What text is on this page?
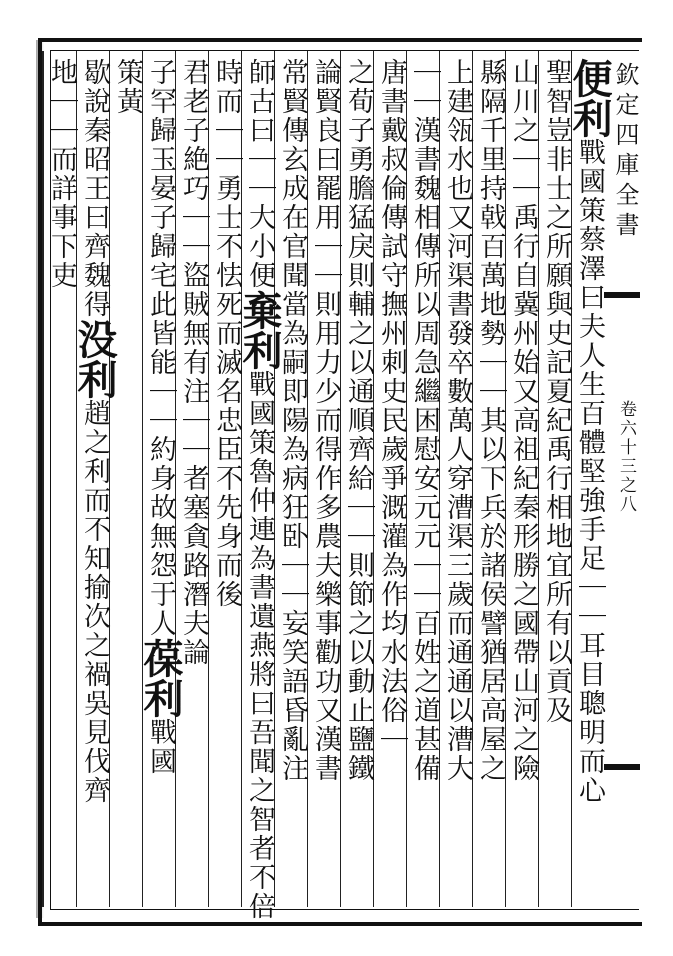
欽定四庫全書
卷六十三之八
便利戰國策蔡澤曰夫人生百體堅強手足｜｜耳目聰明而心
聖智豈非士之所願與史記夏紀禹行相地宜所有以貢及
山川之｜｜禹行自冀州始又高祖紀秦形勝之國帶山河之險
縣隔千里持戟百萬地勢｜｜其以下兵於諸侯譬猶居高屋之
上建瓴水也又河渠書發卒數萬人穿漕渠三歲而通通以漕大
｜｜漢書魏相傳所以周急繼困慰安元元｜｜百姓之道甚備
唐書戴叔倫傳試守撫州刺史民歲爭溉灌為作均水法俗｜
之荀子勇膽猛戾則輔之以通順齊給｜｜則節之以動止鹽鐵
論賢良曰罷用｜｜則用力少而得作多農夫樂事勸功又漢書
常賢傳玄成在官聞當為嗣即陽為病狂卧｜｜妄笑語昏亂注
師古曰｜｜大小便棄利戰國策魯仲連為書遺燕將曰吾聞之智者不倍
時而｜｜勇士不怯死而滅名忠臣不先身而後
君老子絶巧｜｜盜賊無有注｜｜者塞貪路潛夫論
子罕歸玉晏子歸宅此皆能｜｜約身故無怨于人葆利戰國
策黃
歇說秦昭王曰齊魏得没利趙之利而不知揄次之禍吳見伐齊
地｜｜而詳事下吏
